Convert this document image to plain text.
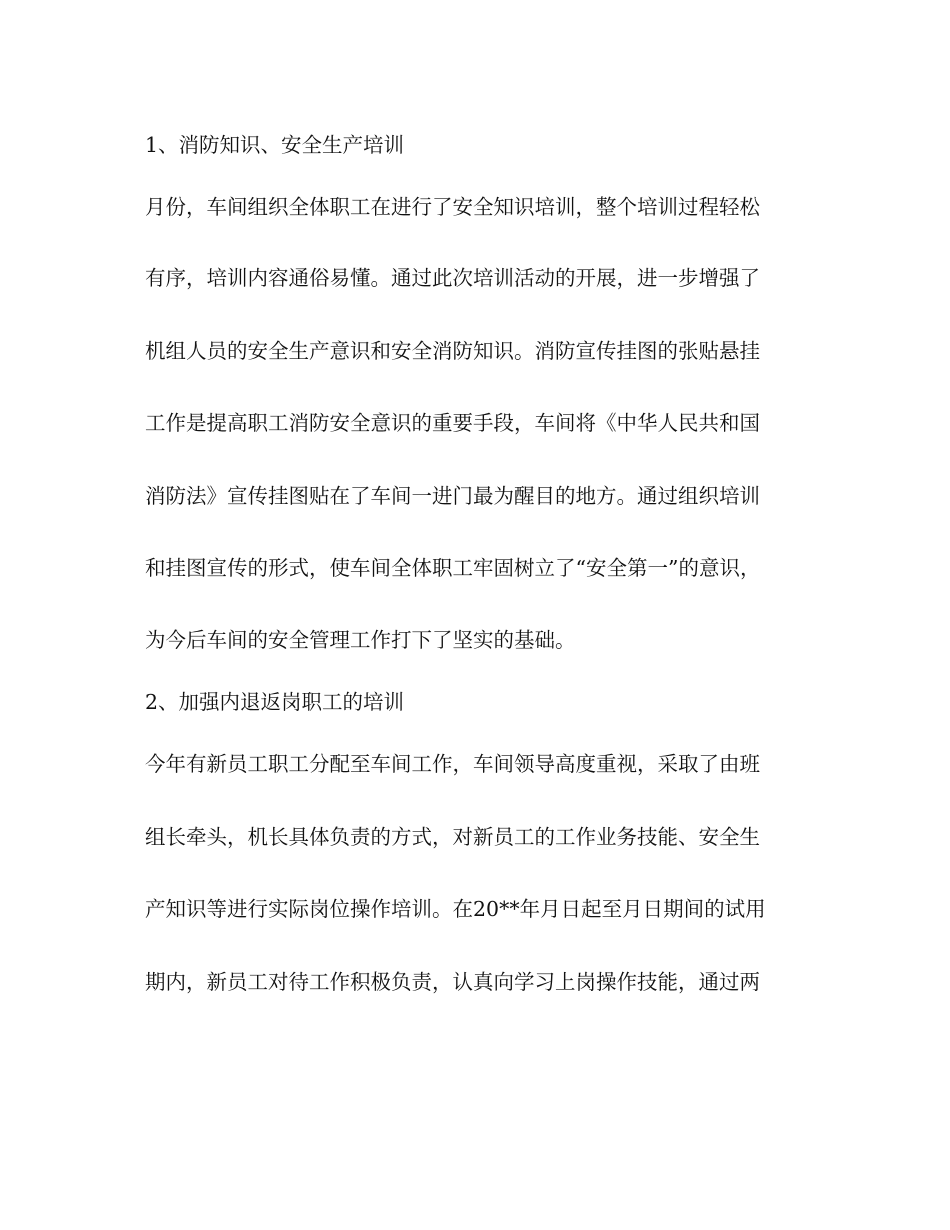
1、消防知识、安全生产培训

月份，车间组织全体职工在进行了安全知识培训，整个培训过程轻松

有序，培训内容通俗易懂。通过此次培训活动的开展，进一步增强了

机组人员的安全生产意识和安全消防知识。消防宣传挂图的张贴悬挂

工作是提高职工消防安全意识的重要手段，车间将《中华人民共和国

消防法》宣传挂图贴在了车间一进门最为醒目的地方。通过组织培训

和挂图宣传的形式，使车间全体职工牢固树立了“安全第一”的意识，

为今后车间的安全管理工作打下了坚实的基础。

2、加强内退返岗职工的培训

今年有新员工职工分配至车间工作，车间领导高度重视，采取了由班

组长牵头，机长具体负责的方式，对新员工的工作业务技能、安全生

产知识等进行实际岗位操作培训。在20**年月日起至月日期间的试用

期内，新员工对待工作积极负责，认真向学习上岗操作技能，通过两
